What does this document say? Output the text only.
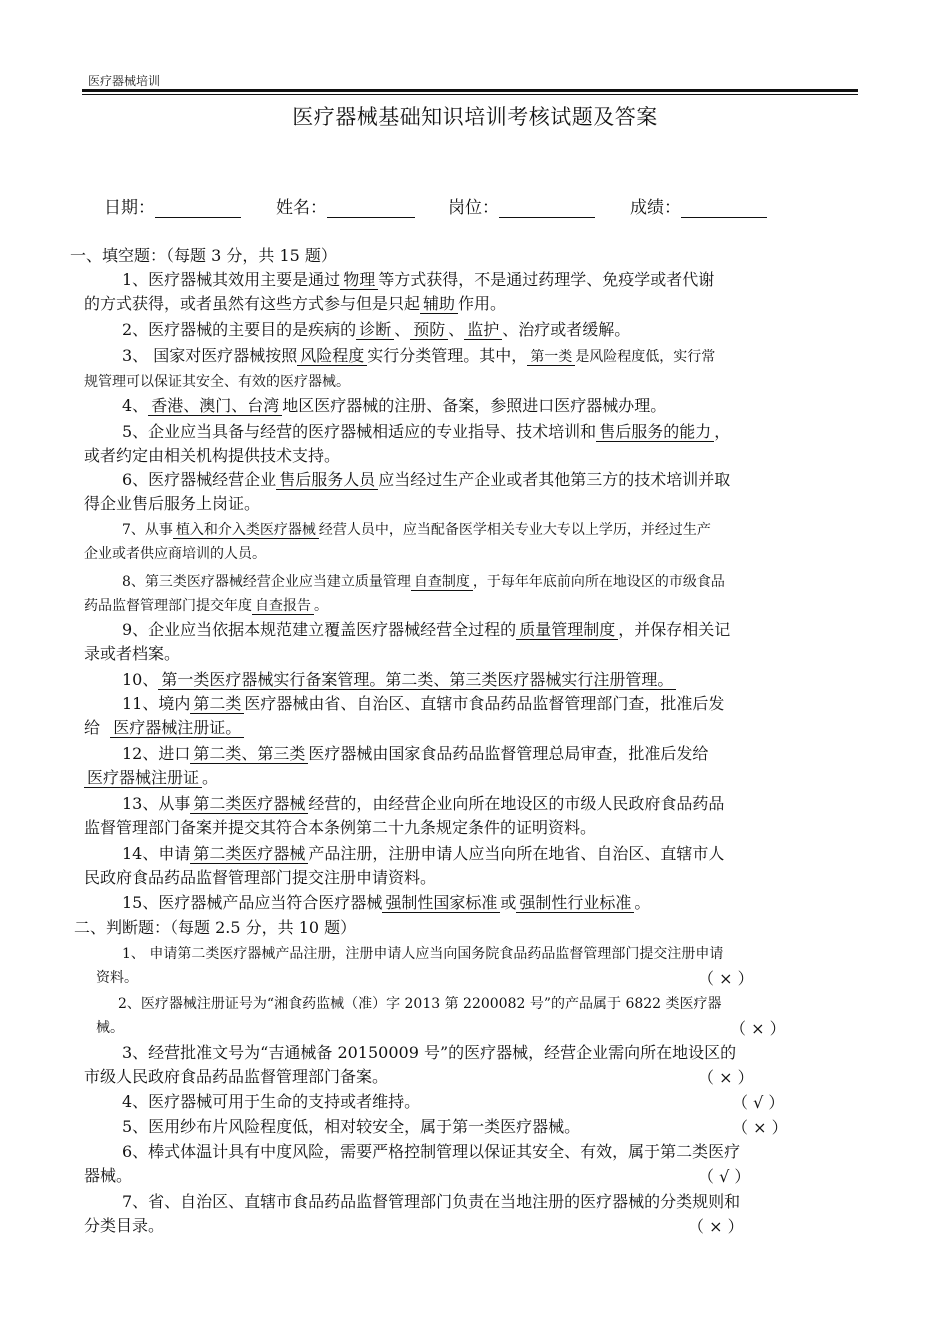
医疗器械培训
医疗器械基础知识培训考核试题及答案
日期：	姓名：	岗位：	成绩：
一、填空题：（每题 3 分，共 15 题）
1、医疗器械其效用主要是通过 物理 等方式获得，不是通过药理学、免疫学或者代谢
的方式获得，或者虽然有这些方式参与但是只起 辅助 作用。
2、医疗器械的主要目的是疾病的 诊断 、 预防 、 监护 、治疗或者缓解。
3、 国家对医疗器械按照 风险程度 实行分类管理。其中， 第一类 是风险程度低，实行常
规管理可以保证其安全、有效的医疗器械。
4、 香港、澳门、台湾 地区医疗器械的注册、备案，参照进口医疗器械办理。
5、企业应当具备与经营的医疗器械相适应的专业指导、技术培训和 售后服务的能力 ，
或者约定由相关机构提供技术支持。
6、医疗器械经营企业 售后服务人员 应当经过生产企业或者其他第三方的技术培训并取
得企业售后服务上岗证。
7、从事 植入和介入类医疗器械 经营人员中，应当配备医学相关专业大专以上学历，并经过生产
企业或者供应商培训的人员。
8、第三类医疗器械经营企业应当建立质量管理 自查制度 ，于每年年底前向所在地设区的市级食品
药品监督管理部门提交年度 自查报告 。
9、企业应当依据本规范建立覆盖医疗器械经营全过程的 质量管理制度 ，并保存相关记
录或者档案。
10、 第一类医疗器械实行备案管理。第二类、第三类医疗器械实行注册管理。
11、境内 第二类 医疗器械由省、自治区、直辖市食品药品监督管理部门查，批准后发
给 医疗器械注册证。
12、进口 第二类、第三类 医疗器械由国家食品药品监督管理总局审查，批准后发给
医疗器械注册证 。
13、从事 第二类医疗器械 经营的，由经营企业向所在地设区的市级人民政府食品药品
监督管理部门备案并提交其符合本条例第二十九条规定条件的证明资料。
14、申请 第二类医疗器械 产品注册，注册申请人应当向所在地省、自治区、直辖市人
民政府食品药品监督管理部门提交注册申请资料。
15、医疗器械产品应当符合医疗器械 强制性国家标准 或 强制性行业标准 。
二、判断题：（每题 2.5 分，共 10 题）
1、 申请第二类医疗器械产品注册，注册申请人应当向国务院食品药品监督管理部门提交注册申请
资料。	（ × ）
2、医疗器械注册证号为“湘食药监械（准）字 2013 第 2200082 号”的产品属于 6822 类医疗器
械。	（ × ）
3、经营批准文号为“吉通械备 20150009 号”的医疗器械，经营企业需向所在地设区的
市级人民政府食品药品监督管理部门备案。	（ × ）
4、医疗器械可用于生命的支持或者维持。	（ √ ）
5、医用纱布片风险程度低，相对较安全，属于第一类医疗器械。	（ × ）
6、棒式体温计具有中度风险，需要严格控制管理以保证其安全、有效，属于第二类医疗
器械。	（ √ ）
7、省、自治区、直辖市食品药品监督管理部门负责在当地注册的医疗器械的分类规则和
分类目录。	（ × ）
